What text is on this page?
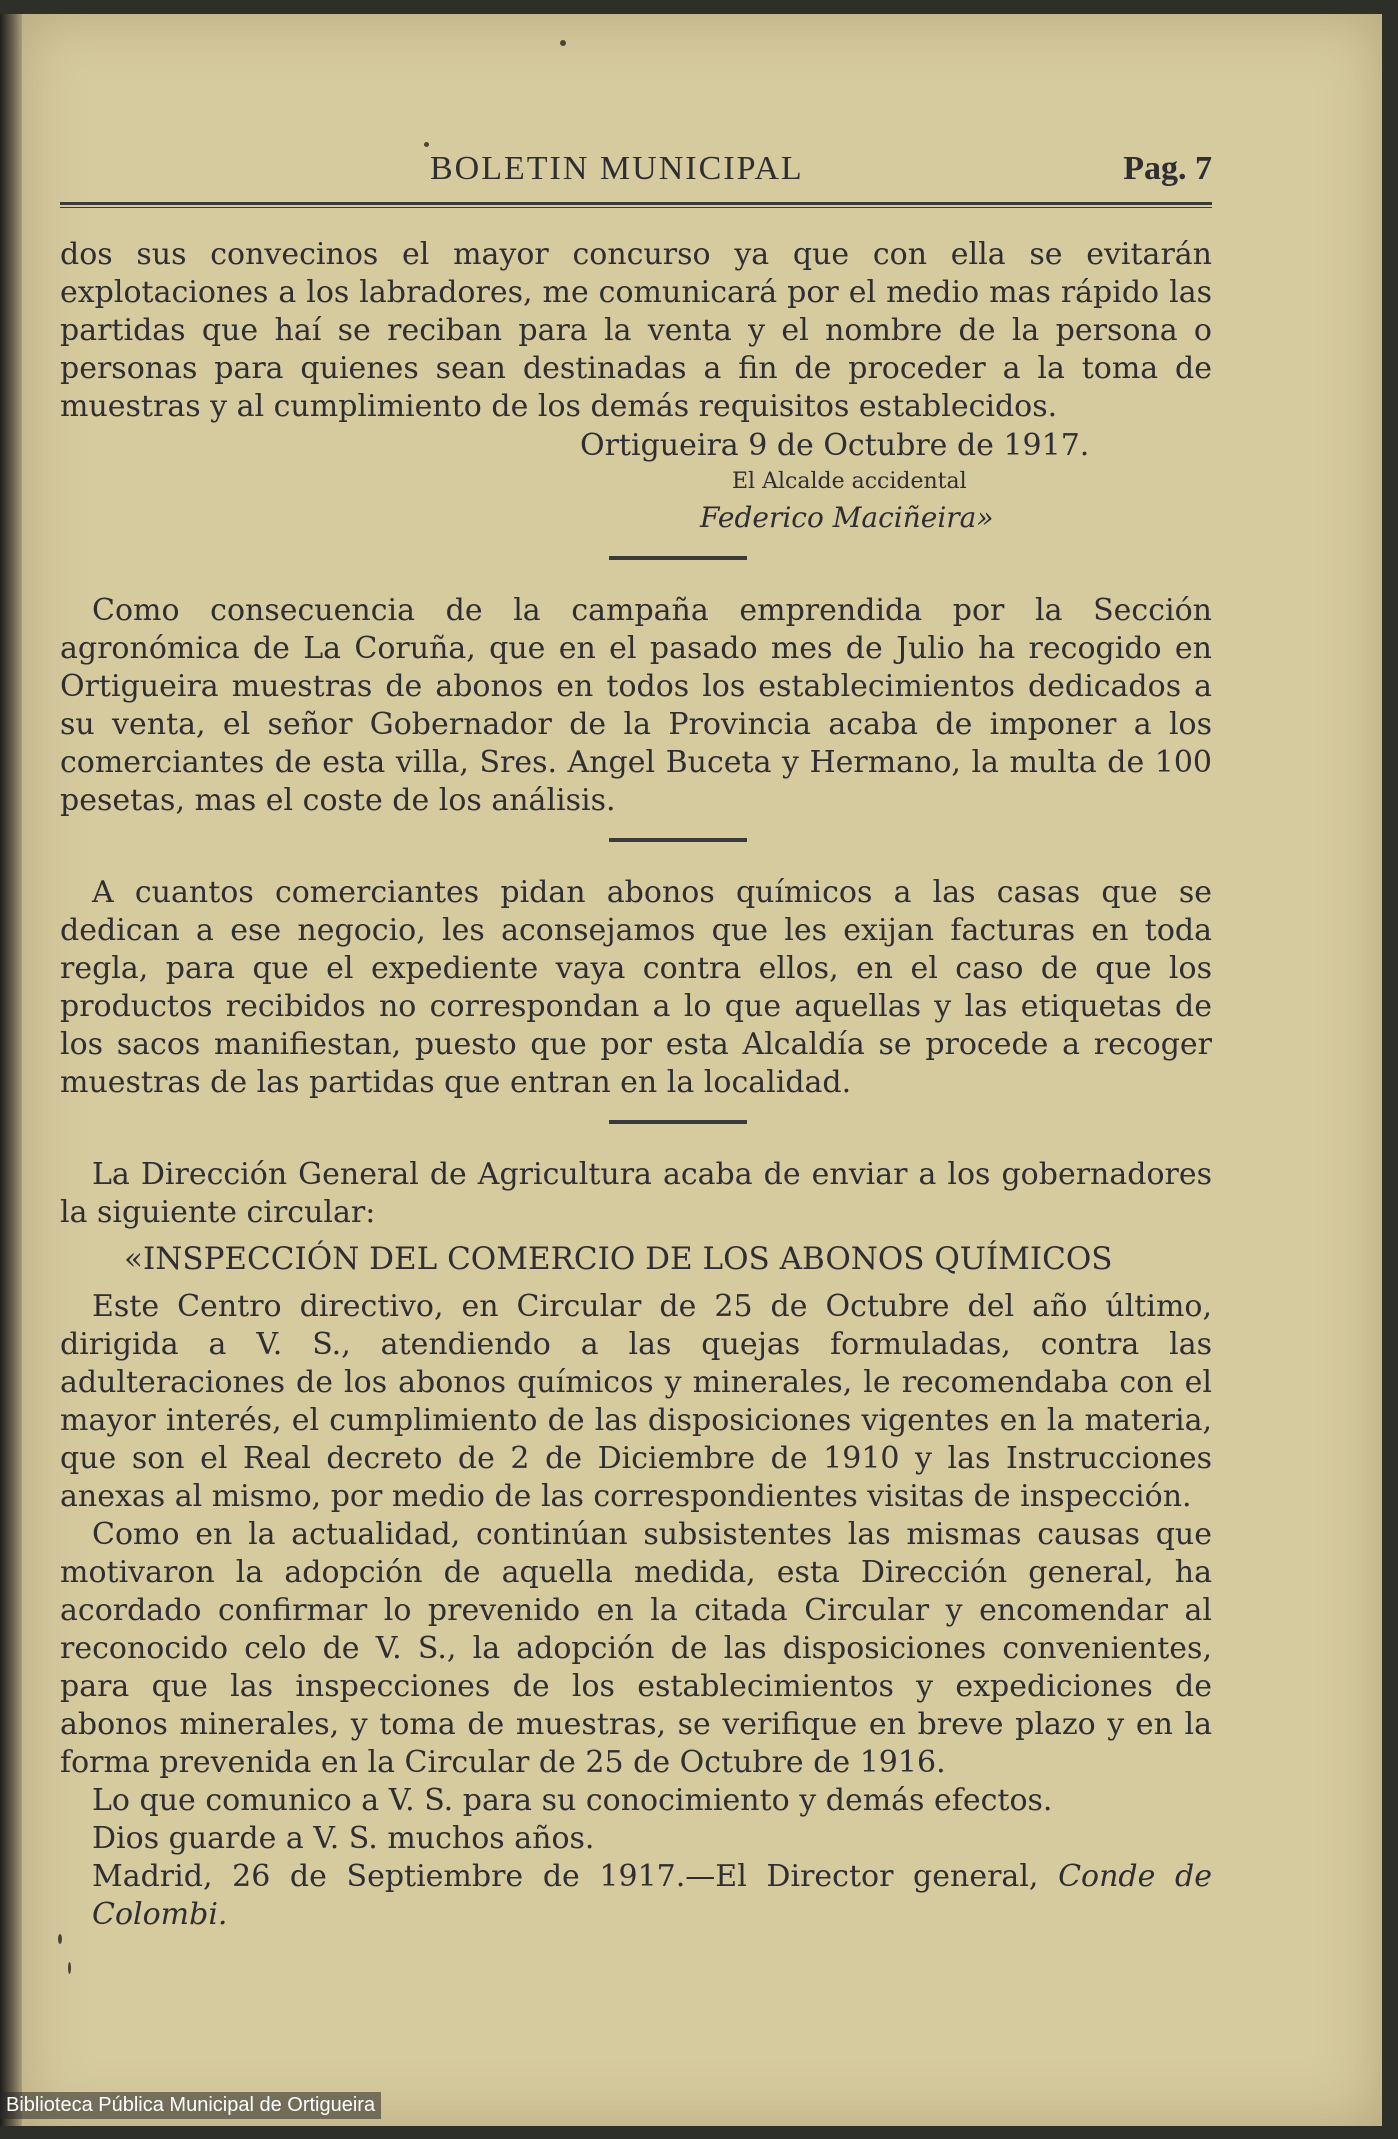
BOLETIN MUNICIPAL	Pag. 7

dos sus convecinos el mayor concurso ya que con ella se evitarán explotaciones a los labradores, me comunicará por el medio mas rápido las partidas que haí se reciban para la venta y el nombre de la persona o personas para quienes sean destinadas a fin de proceder a la toma de muestras y al cumplimiento de los demás requisitos establecidos.

Ortigueira 9 de Octubre de 1917.
El Alcalde accidental
Federico Maciñeira»

Como consecuencia de la campaña emprendida por la Sección agronómica de La Coruña, que en el pasado mes de Julio ha recogido en Ortigueira muestras de abonos en todos los establecimientos dedicados a su venta, el señor Gobernador de la Provincia acaba de imponer a los comerciantes de esta villa, Sres. Angel Buceta y Hermano, la multa de 100 pesetas, mas el coste de los análisis.

A cuantos comerciantes pidan abonos químicos a las casas que se dedican a ese negocio, les aconsejamos que les exijan facturas en toda regla, para que el expediente vaya contra ellos, en el caso de que los productos recibidos no correspondan a lo que aquellas y las etiquetas de los sacos manifiestan, puesto que por esta Alcaldía se procede a recoger muestras de las partidas que entran en la localidad.

La Dirección General de Agricultura acaba de enviar a los gobernadores la siguiente circular:

«INSPECCIÓN DEL COMERCIO DE LOS ABONOS QUÍMICOS

Este Centro directivo, en Circular de 25 de Octubre del año último, dirigida a V. S., atendiendo a las quejas formuladas, contra las adulteraciones de los abonos químicos y minerales, le recomendaba con el mayor interés, el cumplimiento de las disposiciones vigentes en la materia, que son el Real decreto de 2 de Diciembre de 1910 y las Instrucciones anexas al mismo, por medio de las correspondientes visitas de inspección.

Como en la actualidad, continúan subsistentes las mismas causas que motivaron la adopción de aquella medida, esta Dirección general, ha acordado confirmar lo prevenido en la citada Circular y encomendar al reconocido celo de V. S., la adopción de las disposiciones convenientes, para que las inspecciones de los establecimientos y expediciones de abonos minerales, y toma de muestras, se verifique en breve plazo y en la forma prevenida en la Circular de 25 de Octubre de 1916.

Lo que comunico a V. S. para su conocimiento y demás efectos.

Dios guarde a V. S. muchos años.

Madrid, 26 de Septiembre de 1917.—El Director general, Conde de Colombi.

Biblioteca Pública Municipal de Ortigueira
